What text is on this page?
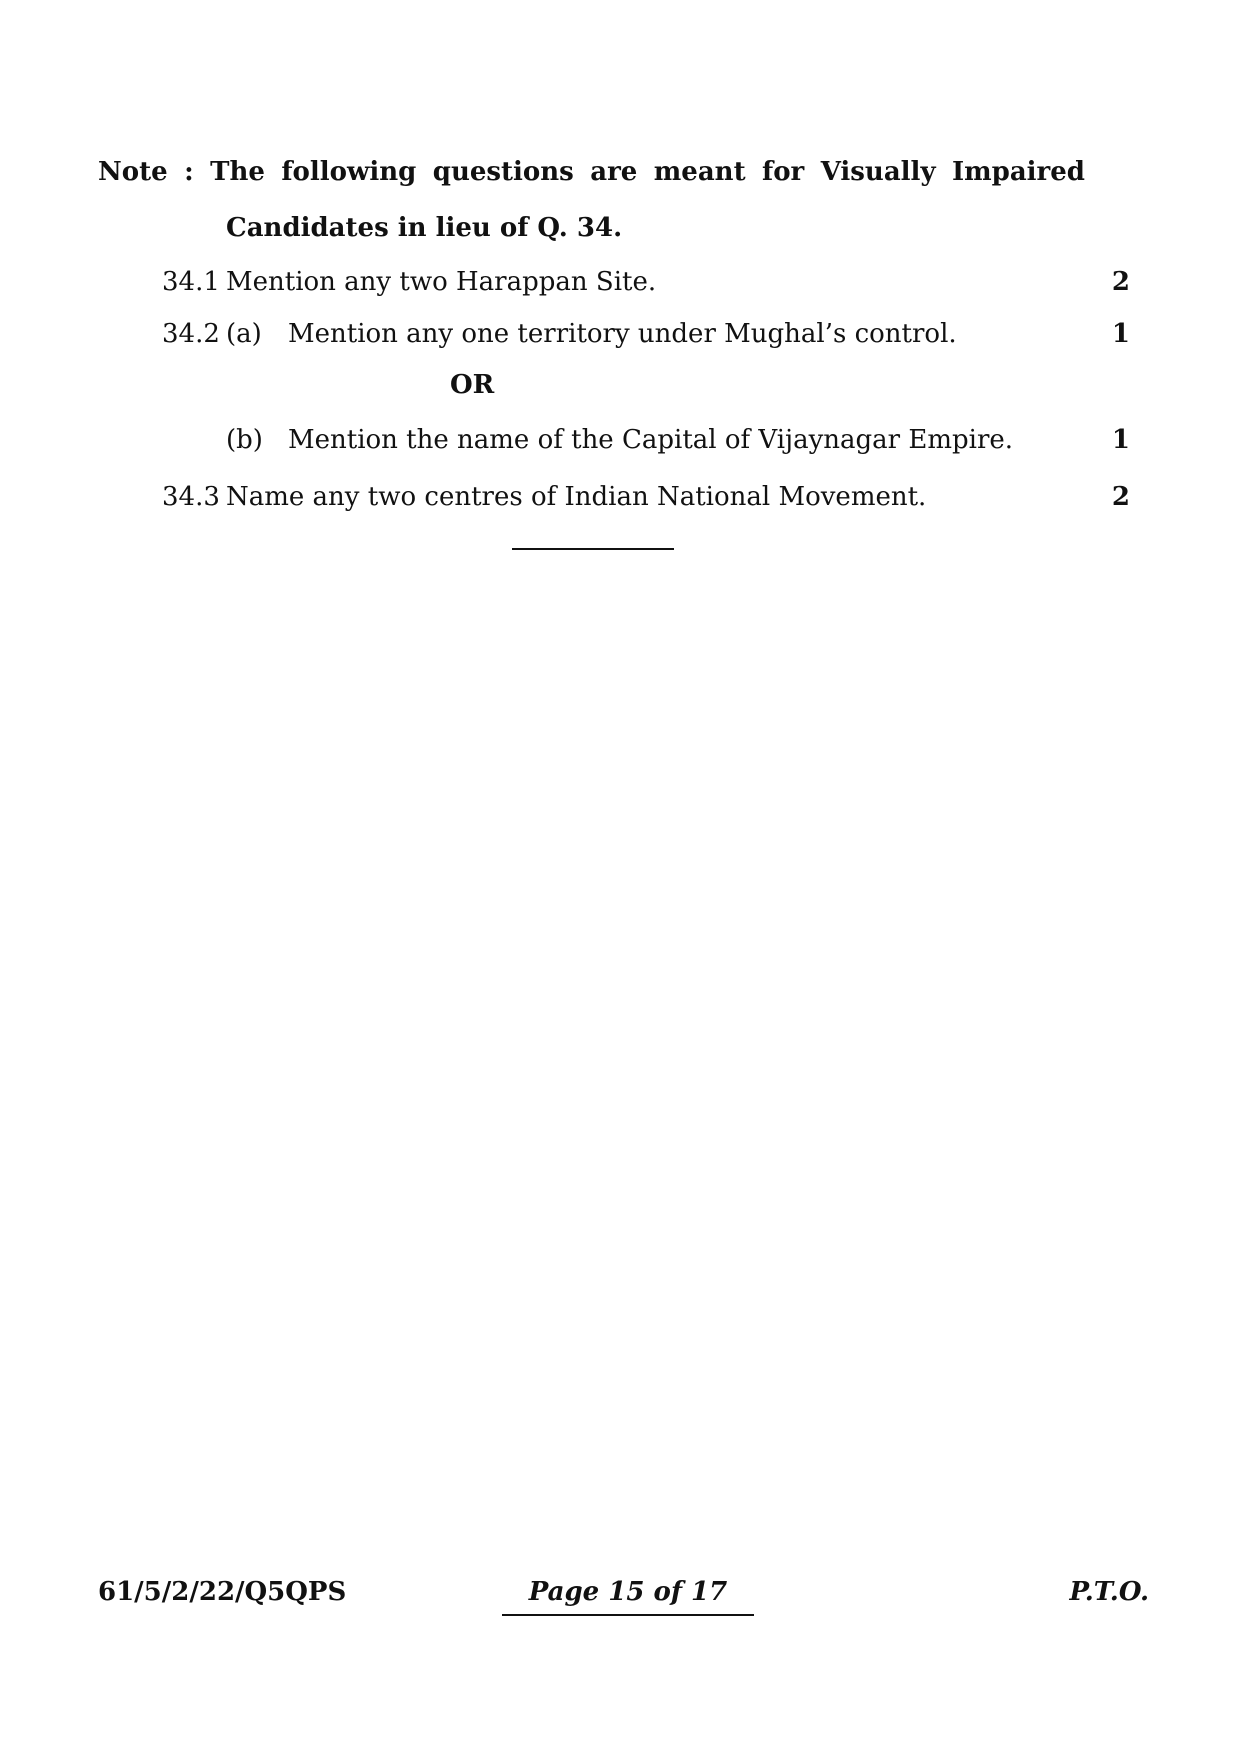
Note : The following questions are meant for Visually Impaired
Candidates in lieu of Q. 34.
34.1 Mention any two Harappan Site.	2
34.2 (a) Mention any one territory under Mughal’s control.	1
OR
(b) Mention the name of the Capital of Vijaynagar Empire.	1
34.3 Name any two centres of Indian National Movement.	2
61/5/2/22/Q5QPS	Page 15 of 17	P.T.O.
